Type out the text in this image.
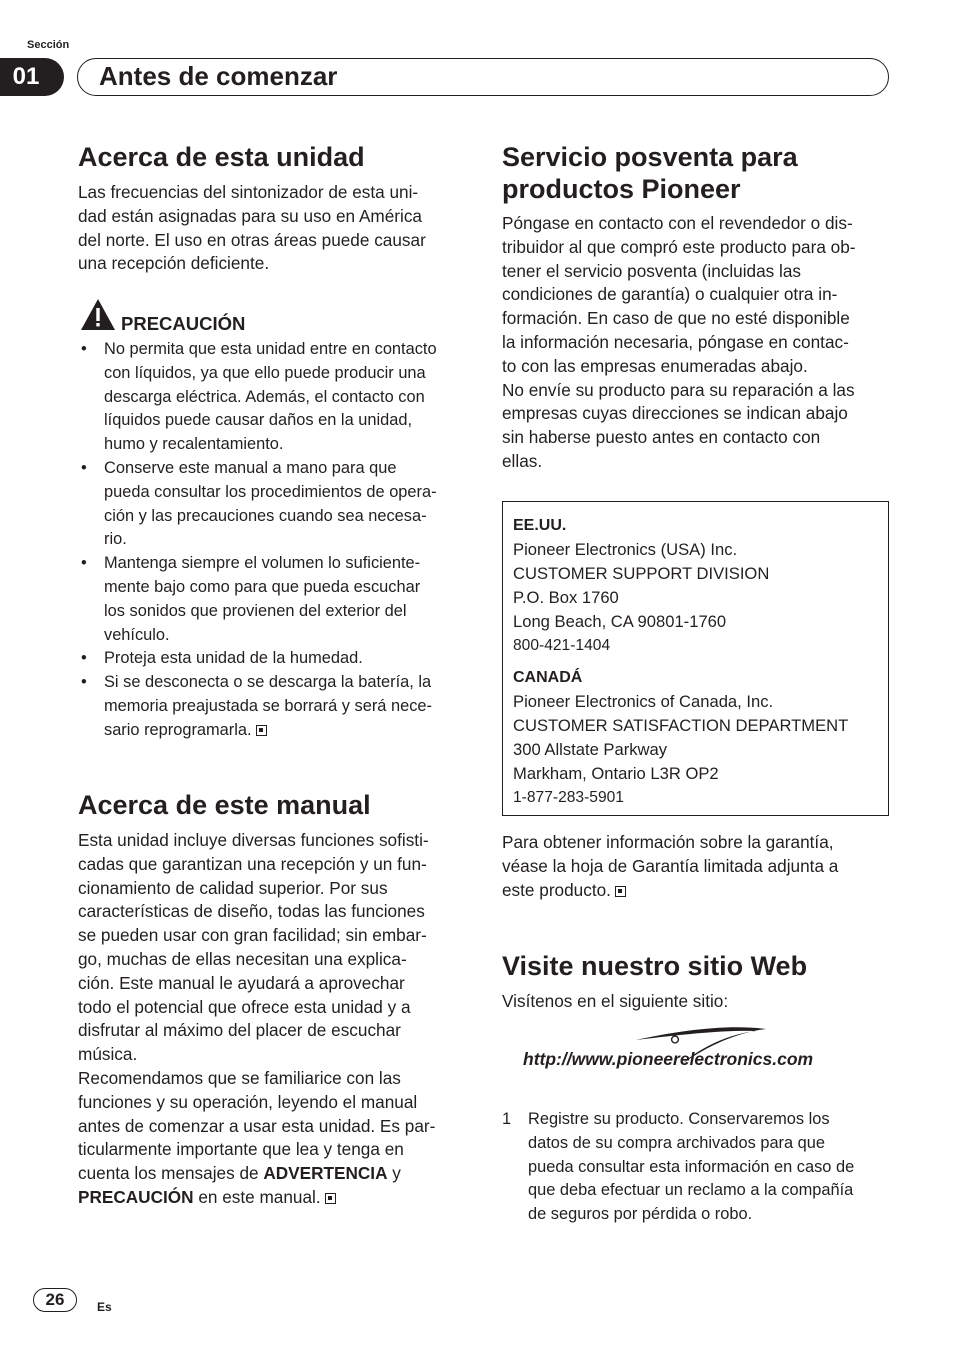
Sección
01	Antes de comenzar
Acerca de esta unidad
Las frecuencias del sintonizador de esta uni-
dad están asignadas para su uso en América
del norte. El uso en otras áreas puede causar
una recepción deficiente.
PRECAUCIÓN
• No permita que esta unidad entre en contacto
con líquidos, ya que ello puede producir una
descarga eléctrica. Además, el contacto con
líquidos puede causar daños en la unidad,
humo y recalentamiento.
• Conserve este manual a mano para que
pueda consultar los procedimientos de opera-
ción y las precauciones cuando sea necesa-
rio.
• Mantenga siempre el volumen lo suficiente-
mente bajo como para que pueda escuchar
los sonidos que provienen del exterior del
vehículo.
• Proteja esta unidad de la humedad.
• Si se desconecta o se descarga la batería, la
memoria preajustada se borrará y será nece-
sario reprogramarla.
Acerca de este manual
Esta unidad incluye diversas funciones sofisti-
cadas que garantizan una recepción y un fun-
cionamiento de calidad superior. Por sus
características de diseño, todas las funciones
se pueden usar con gran facilidad; sin embar-
go, muchas de ellas necesitan una explica-
ción. Este manual le ayudará a aprovechar
todo el potencial que ofrece esta unidad y a
disfrutar al máximo del placer de escuchar
música.
Recomendamos que se familiarice con las
funciones y su operación, leyendo el manual
antes de comenzar a usar esta unidad. Es par-
ticularmente importante que lea y tenga en
cuenta los mensajes de ADVERTENCIA y
PRECAUCIÓN en este manual.
Servicio posventa para
productos Pioneer
Póngase en contacto con el revendedor o dis-
tribuidor al que compró este producto para ob-
tener el servicio posventa (incluidas las
condiciones de garantía) o cualquier otra in-
formación. En caso de que no esté disponible
la información necesaria, póngase en contac-
to con las empresas enumeradas abajo.
No envíe su producto para su reparación a las
empresas cuyas direcciones se indican abajo
sin haberse puesto antes en contacto con
ellas.
EE.UU.
Pioneer Electronics (USA) Inc.
CUSTOMER SUPPORT DIVISION
P.O. Box 1760
Long Beach, CA 90801-1760
800-421-1404
CANADÁ
Pioneer Electronics of Canada, Inc.
CUSTOMER SATISFACTION DEPARTMENT
300 Allstate Parkway
Markham, Ontario L3R OP2
1-877-283-5901
Para obtener información sobre la garantía,
véase la hoja de Garantía limitada adjunta a
este producto.
Visite nuestro sitio Web
Visítenos en el siguiente sitio:
http://www.pioneerelectronics.com
1 Registre su producto. Conservaremos los
datos de su compra archivados para que
pueda consultar esta información en caso de
que deba efectuar un reclamo a la compañía
de seguros por pérdida o robo.
26	Es
